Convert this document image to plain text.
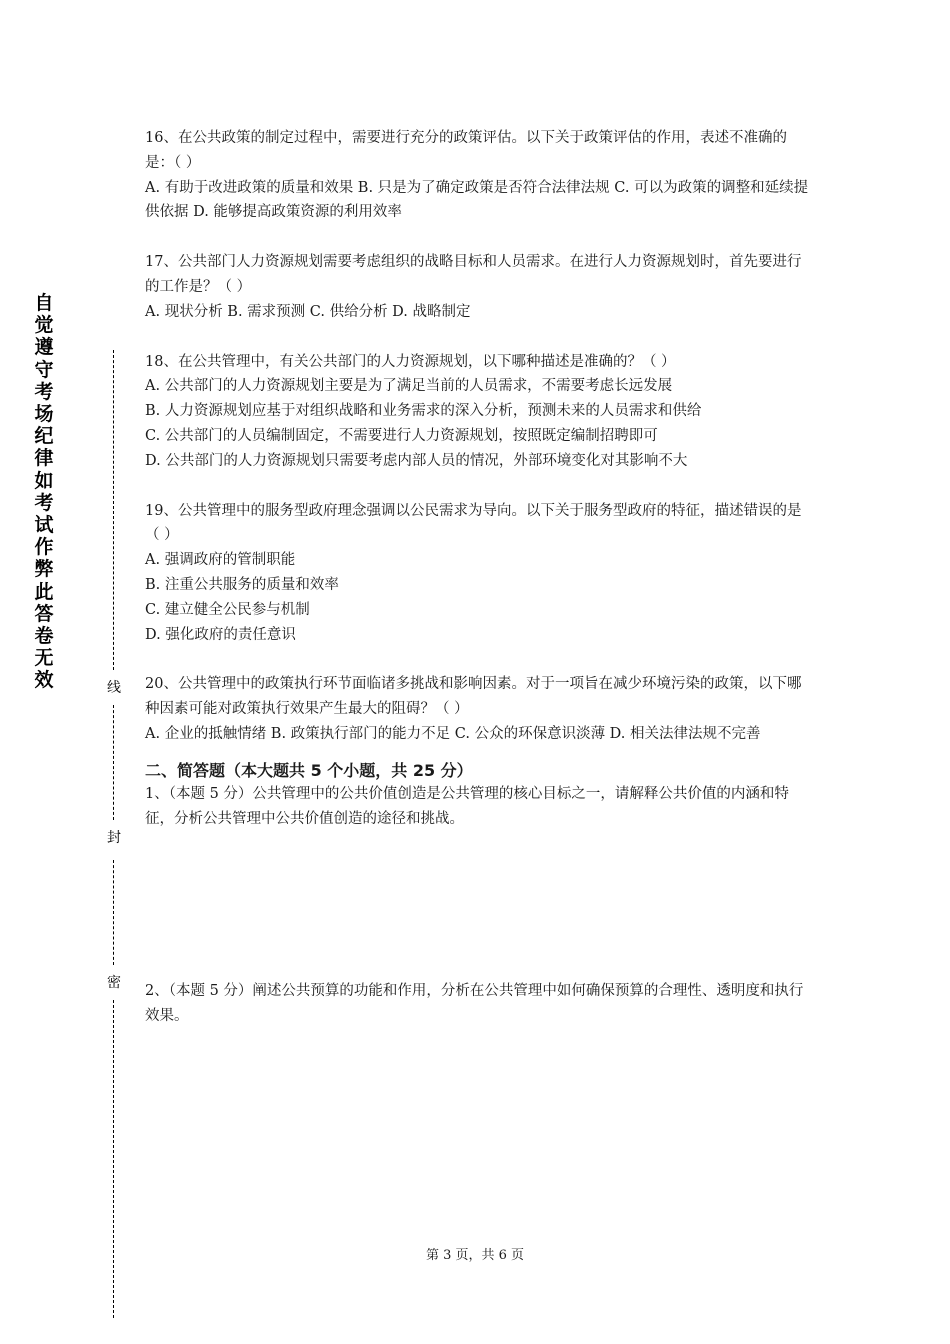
自觉遵守考场纪律如考试作弊此答卷无效	线
封
密

16、在公共政策的制定过程中，需要进行充分的政策评估。以下关于政策评估的作用，表述不准确的是：（ ）

A. 有助于改进政策的质量和效果 B. 只是为了确定政策是否符合法律法规 C. 可以为政策的调整和延续提供依据 D. 能够提高政策资源的利用效率

17、公共部门人力资源规划需要考虑组织的战略目标和人员需求。在进行人力资源规划时，首先要进行的工作是？（ ）

A. 现状分析 B. 需求预测 C. 供给分析 D. 战略制定

18、在公共管理中，有关公共部门的人力资源规划，以下哪种描述是准确的？（ ）

A. 公共部门的人力资源规划主要是为了满足当前的人员需求，不需要考虑长远发展

B. 人力资源规划应基于对组织战略和业务需求的深入分析，预测未来的人员需求和供给

C. 公共部门的人员编制固定，不需要进行人力资源规划，按照既定编制招聘即可

D. 公共部门的人力资源规划只需要考虑内部人员的情况，外部环境变化对其影响不大

19、公共管理中的服务型政府理念强调以公民需求为导向。以下关于服务型政府的特征，描述错误的是（ ）

A. 强调政府的管制职能

B. 注重公共服务的质量和效率

C. 建立健全公民参与机制

D. 强化政府的责任意识

20、公共管理中的政策执行环节面临诸多挑战和影响因素。对于一项旨在减少环境污染的政策，以下哪种因素可能对政策执行效果产生最大的阻碍？（ ）

A. 企业的抵触情绪 B. 政策执行部门的能力不足 C. 公众的环保意识淡薄 D. 相关法律法规不完善

二、简答题（本大题共 5 个小题，共 25 分）

1、（本题 5 分）公共管理中的公共价值创造是公共管理的核心目标之一，请解释公共价值的内涵和特征，分析公共管理中公共价值创造的途径和挑战。

2、（本题 5 分）阐述公共预算的功能和作用，分析在公共管理中如何确保预算的合理性、透明度和执行效果。

第 3 页，共 6 页
